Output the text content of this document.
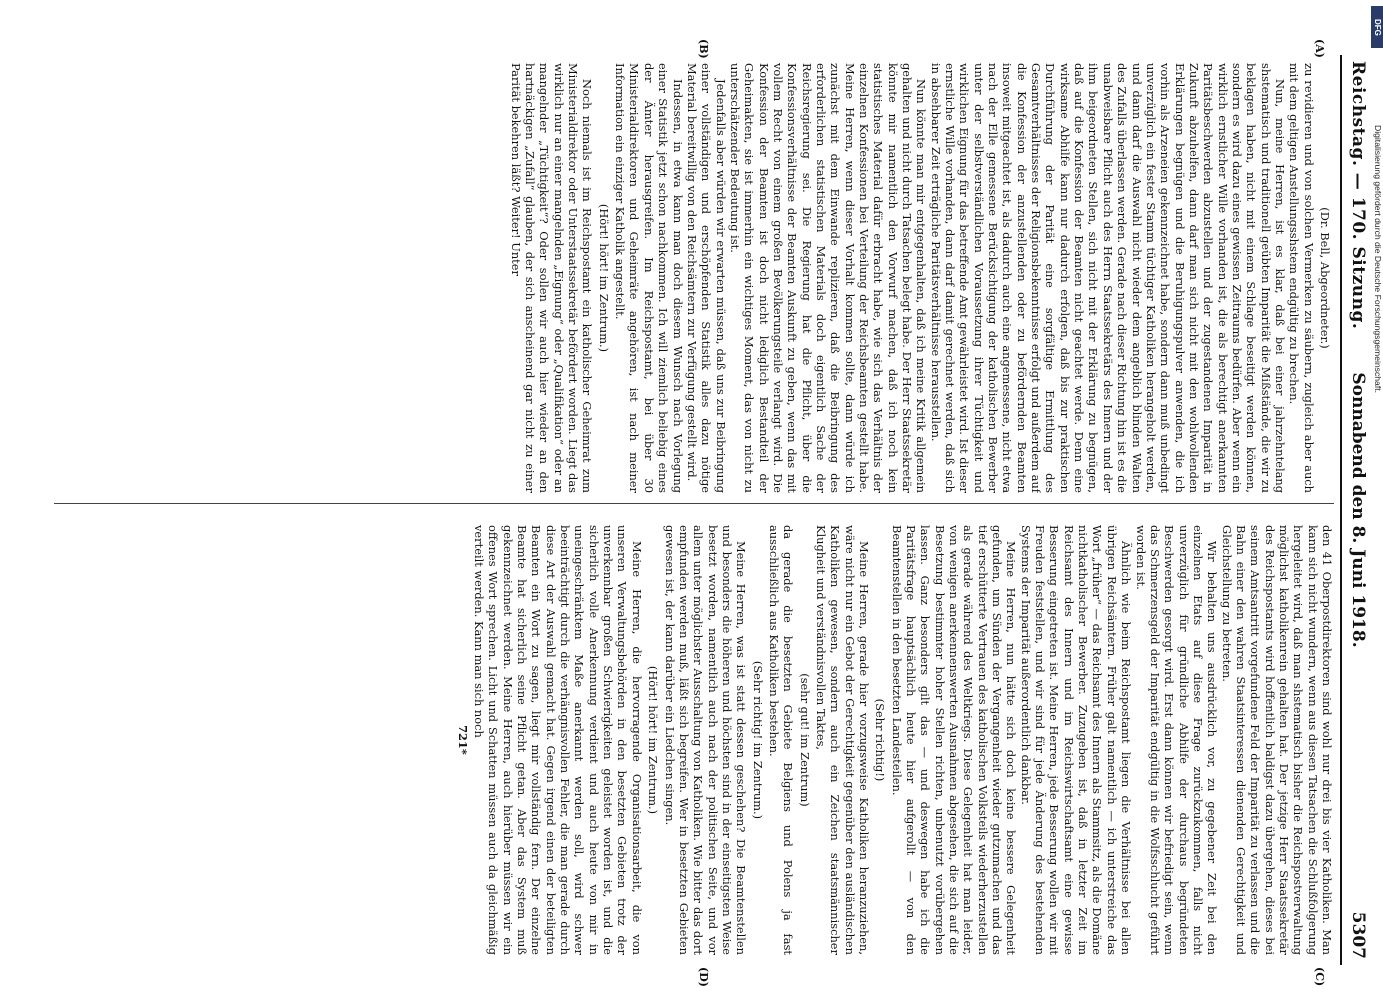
Reichstag. — 170. Sitzung.
Sonnabend den 8. Juni 1918.
5307
(A)
(B)
(C)
(D)

(Dr. Bell, Abgeordneter.)

zu revidieren und von solchen Vermerken zu säubern, zugleich aber auch mit dem geltigen Anstellungsshstem endgültig zu brechen.

Nun, meine Herren, ist es klar, daß bei einer jahrzehntelang shstematisch und traditionell geübten Imparität die Mißstände, die wir zu beklagen haben, nicht mit einem Schlage beseitigt werden können, sondern es wird dazu eines gewissen Zeitraums bedürfen. Aber wenn ein wirklich ernstlicher Wille vorhanden ist, die als berechtigt anerkannten Paritätsbeschwerden abzustellen und der zugestandenen Imparität in Zukunft abzuhelfen, dann darf man sich nicht mit den wohlwollenden Erklärungen begnügen und die Beruhigungspulver anwenden, die ich vorhin als Arzeneien gekennzeichnet habe, sondern dann muß unbedingt unverzüglich ein fester Stamm tüchtiger Katholiken herangeholt werden, und dann darf die Auswahl nicht wieder dem angeblich blinden Walten des Zufalls überlassen werden. Gerade nach dieser Richtung hin ist es die unabweisbare Pflicht auch des Herrn Staatssekretärs des Innern und der ihm beigeordneten Stellen, sich nicht mit der Erklärung zu begnügen, daß auf die Konfession der Beamten nicht geachtet werde. Denn eine wirksame Abhilfe kann nur dadurch erfolgen, daß bis zur praktischen Durchführung der Parität eine sorgfältige Ermittlung des Gesamtverhältnisses der Religionsbekenntnisse erfolgt und außerdem auf die Konfession der anzustellenden oder zu befördernden Beamten insoweit mitgeachtet ist, als dadurch auch eine angemessene, nicht etwa nach der Elle gemessene Berücksichtigung der katholischen Bewerber unter der selbstverständlichen Voraussetzung ihrer Tüchtigkeit und wirklichen Eignung für das betreffende Amt gewährleistet wird. Ist dieser ernstliche Wille vorhanden, dann darf damit gerechnet werden, daß sich in absehbarer Zeit erträgliche Paritätsverhältnisse herausstellen.

Nun könnte man mir entgegenhalten, daß ich meine Kritik allgemein gehalten und nicht durch Tatsachen belegt habe. Der Herr Staatssekretär könnte mir namentlich den Vorwurf machen, daß ich noch kein statistisches Material dafür erbracht habe, wie sich das Verhältnis der einzelnen Konfessionen bei Verteilung der Reichsbeamten gestellt habe. Meine Herren, wenn dieser Vorhalt kommen sollte, dann würde ich zunächst mit dem Einwande replizieren, daß die Beibringung des erforderlichen statistischen Materials doch eigentlich Sache der Reichsregierung sei. Die Regierung hat die Pflicht, über die Konfessionsverhältnisse der Beamten Auskunft zu geben, wenn das mit vollem Recht von einem großen Bevölkerungsteile verlangt wird. Die Konfession der Beamten ist doch nicht lediglich Bestandteil der Geheimakten, sie ist immerhin ein wichtiges Moment, das von nicht zu unterschätzender Bedeutung ist.

Jedenfalls aber würden wir erwarten müssen, daß uns zur Beibringung einer vollständigen und erschöpfenden Statistik alles dazu nötige Material bereitwillig von den Reichsämtern zur Verfügung gestellt wird.

Indessen, in etwa kann man doch diesem Wunsch nach Vorlegung einer Statistik jetzt schon nachkommen. Ich will ziemlich beliebig eines der Ämter herausgreifen. Im Reichspostamt, bei über 30 Ministerialdirektoren und Geheimräte angehören, ist nach meiner Information ein einziger Katholik angestellt.

(Hört! hört! im Zentrum.)

Noch niemals ist im Reichspostamt ein katholischer Geheimrat zum Ministerialdirektor oder Unterstaatssekretär befördert worden. Liegt das wirklich nur an einer mangelnden „Eignung“ oder „Qualifikation“ oder an mangelnder „Tüchtigkeit“? Oder sollen wir auch hier wieder an den hartnäckigen „Zufall“ glauben, der sich anscheinend gar nicht zu einer Parität bekehren läßt? Weiter! Unter

den 41 Oberpostdirektoren sind wohl nur drei bis vier Katholiken. Man kann sich nicht wundern, wenn aus diesen Tatsachen die Schlußfolgerung hergeleitet wird, daß man shstematisch bisher die Reichspostverwaltung möglichst katholikenrein gehalten hat. Der jetzige Herr Staatssekretär des Reichspostamts wird hoffentlich baldigst dazu übergehen, dieses bei seinem Amtsantritt vorgefundene Feld der Imparität zu verlassen und die Bahn einer den wahren Staatsinteressen dienenden Gerechtigkeit und Gleichstellung zu betreten.

Wir behalten uns ausdrücklich vor, zu gegebener Zeit bei den einzelnen Etats auf diese Frage zurückzukommen, falls nicht unverzüglich für gründliche Abhilfe der durchaus begründeten Beschwerden gesorgt wird. Erst dann können wir befriedigt sein, wenn das Schmerzensgeld der Imparität endgültig in die Wolfsschlucht geführt worden ist.

Ähnlich wie beim Reichspostamt liegen die Verhältnisse bei allen übrigen Reichsämtern. Früher galt namentlich — ich unterstreiche das Wort „früher“ — das Reichsamt des Innern als Stammsitz, als die Domäne nichtkatholischer Bewerber. Zuzugeben ist, daß in letzter Zeit im Reichsamt des Innern und im Reichswirtschaftsamt eine gewisse Besserung eingetreten ist. Meine Herren, jede Besserung wollen wir mit Freuden feststellen, und wir sind für jede Änderung des bestehenden Systems der Imparität außerordentlich dankbar.

Meine Herren, nun hätte sich doch keine bessere Gelegenheit gefunden, um Sünden der Vergangenheit wieder gutzumachen und das tief erschütterte Vertrauen des katholischen Volksteils wiederherzustellen als gerade während des Weltkriegs. Diese Gelegenheit hat man leider, von wenigen anerkennenswerten Ausnahmen abgesehen, die sich auf die Besetzung bestimmter hoher Stellen richten, unbenutzt vorübergehen lassen. Ganz besonders gilt das — und deswegen habe ich die Paritätsfrage hauptsächlich heute hier aufgerollt — von den Beamtenstellen in den besetzten Landesteilen.

(Sehr richtig!)

Meine Herren, gerade hier vorzugsweise Katholiken heranzuziehen, wäre nicht nur ein Gebot der Gerechtigkeit gegenüber den ausländischen Katholiken gewesen, sondern auch ein Zeichen staatsmännischer Klugheit und verständnisvollen Taktes,

(sehr gut! im Zentrum)

da gerade die besetzten Gebiete Belgiens und Polens ja fast ausschließlich aus Katholiken bestehen.

(Sehr richtig! im Zentrum.)

Meine Herren, was ist statt dessen geschehen? Die Beamtenstellen und besonders die höheren und höchsten sind in der einseitigsten Weise besetzt worden, namentlich auch nach der politischen Seite, und vor allem unter möglichster Ausschaltung von Katholiken. Wie bitter das dort empfunden werden muß, läßt sich begreifen. Wer in besetzten Gebieten gewesen ist, der kann darüber ein Liedchen singen.

(Hört! hört! im Zentrum.)

Meine Herren, die hervorragende Organisationsarbeit, die von unseren Verwaltungsbehörden in den besetzten Gebieten trotz der unverkennbar großen Schwierigkeiten geleistet worden ist, und die sicherlich volle Anerkennung verdient und auch heute von mir in uneingeschränktem Maße anerkannt werden soll, wird schwer beeinträchtigt durch die verhängnisvollen Fehler, die man gerade durch diese Art der Auswahl gemacht hat. Gegen irgend einen der beteiligten Beamten ein Wort zu sagen, liegt mir vollständig fern. Der einzelne Beamte hat sicherlich seine Pflicht getan. Aber das System muß gekennzeichnet werden. Meine Herren, auch hierüber müssen wir ein offenes Wort sprechen. Licht und Schatten müssen auch da gleichmäßig verteilt werden. Kann man sich noch

721*

DFG
Digitalisierung gefördert durch die Deutsche Forschungsgemeinschaft.
